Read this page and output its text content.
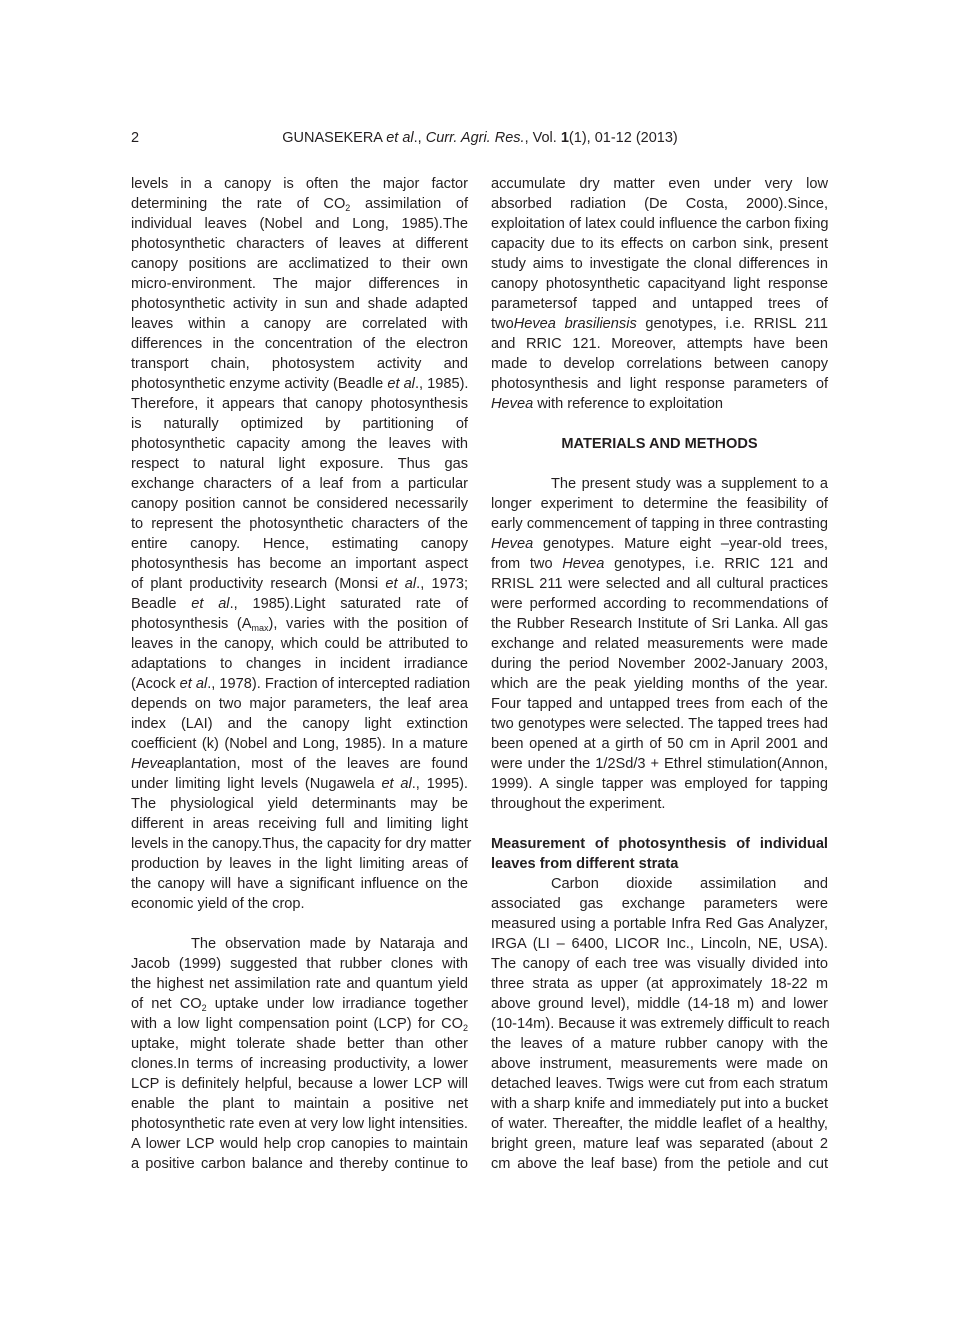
2	GUNASEKERA et al., Curr. Agri. Res., Vol. 1(1), 01-12 (2013)
levels in a canopy is often the major factor
determining the rate of $CO_2$ assimilation of
individual leaves (Nobel and Long, 1985).The
photosynthetic characters of leaves at different
canopy positions are acclimatized to their own
micro-environment. The major differences in
photosynthetic activity in sun and shade adapted
leaves within a canopy are correlated with
differences in the concentration of the electron
transport chain, photosystem activity and
photosynthetic enzyme activity (Beadle et al., 1985).
Therefore, it appears that canopy photosynthesis
is naturally optimized by partitioning of
photosynthetic capacity among the leaves with
respect to natural light exposure. Thus gas
exchange characters of a leaf from a particular
canopy position cannot be considered necessarily
to represent the photosynthetic characters of the
entire canopy. Hence, estimating canopy
photosynthesis has become an important aspect
of plant productivity research (Monsi et al., 1973;
Beadle et al., 1985).Light saturated rate of
photosynthesis $(A_{max})$, varies with the position of
leaves in the canopy, which could be attributed to
adaptations to changes in incident irradiance
(Acock et al., 1978). Fraction of intercepted radiation
depends on two major parameters, the leaf area
index (LAI) and the canopy light extinction
coefficient (k) (Nobel and Long, 1985). In a mature
Heveaplantation, most of the leaves are found
under limiting light levels (Nugawela et al., 1995).
The physiological yield determinants may be
different in areas receiving full and limiting light
levels in the canopy.Thus, the capacity for dry matter
production by leaves in the light limiting areas of
the canopy will have a significant influence on the
economic yield of the crop.
The observation made by Nataraja and
Jacob (1999) suggested that rubber clones with
the highest net assimilation rate and quantum yield
of net $CO_2$ uptake under low irradiance together
with a low light compensation point (LCP) for $CO_2$
uptake, might tolerate shade better than other
clones.In terms of increasing productivity, a lower
LCP is definitely helpful, because a lower LCP will
enable the plant to maintain a positive net
photosynthetic rate even at very low light intensities.
A lower LCP would help crop canopies to maintain
a positive carbon balance and thereby continue to
accumulate dry matter even under very low
absorbed radiation (De Costa, 2000).Since,
exploitation of latex could influence the carbon fixing
capacity due to its effects on carbon sink, present
study aims to investigate the clonal differences in
canopy photosynthetic capacityand light response
parametersof tapped and untapped trees of
twoHevea brasiliensis genotypes, i.e. RRISL 211
and RRIC 121. Moreover, attempts have been
made to develop correlations between canopy
photosynthesis and light response parameters of
Hevea with reference to exploitation
MATERIALS AND METHODS
The present study was a supplement to a
longer experiment to determine the feasibility of
early commencement of tapping in three contrasting
Hevea genotypes. Mature eight –year-old trees,
from two Hevea genotypes, i.e. RRIC 121 and
RRISL 211 were selected and all cultural practices
were performed according to recommendations of
the Rubber Research Institute of Sri Lanka. All gas
exchange and related measurements were made
during the period November 2002-January 2003,
which are the peak yielding months of the year.
Four tapped and untapped trees from each of the
two genotypes were selected. The tapped trees had
been opened at a girth of 50 cm in April 2001 and
were under the 1/2Sd/3 + Ethrel stimulation(Annon,
1999). A single tapper was employed for tapping
throughout the experiment.
Measurement of photosynthesis of individual
leaves from different strata
Carbon dioxide assimilation and
associated gas exchange parameters were
measured using a portable Infra Red Gas Analyzer,
IRGA (LI – 6400, LICOR Inc., Lincoln, NE, USA).
The canopy of each tree was visually divided into
three strata as upper (at approximately 18-22 m
above ground level), middle (14-18 m) and lower
(10-14m). Because it was extremely difficult to reach
the leaves of a mature rubber canopy with the
above instrument, measurements were made on
detached leaves. Twigs were cut from each stratum
with a sharp knife and immediately put into a bucket
of water. Thereafter, the middle leaflet of a healthy,
bright green, mature leaf was separated (about 2
cm above the leaf base) from the petiole and cut
